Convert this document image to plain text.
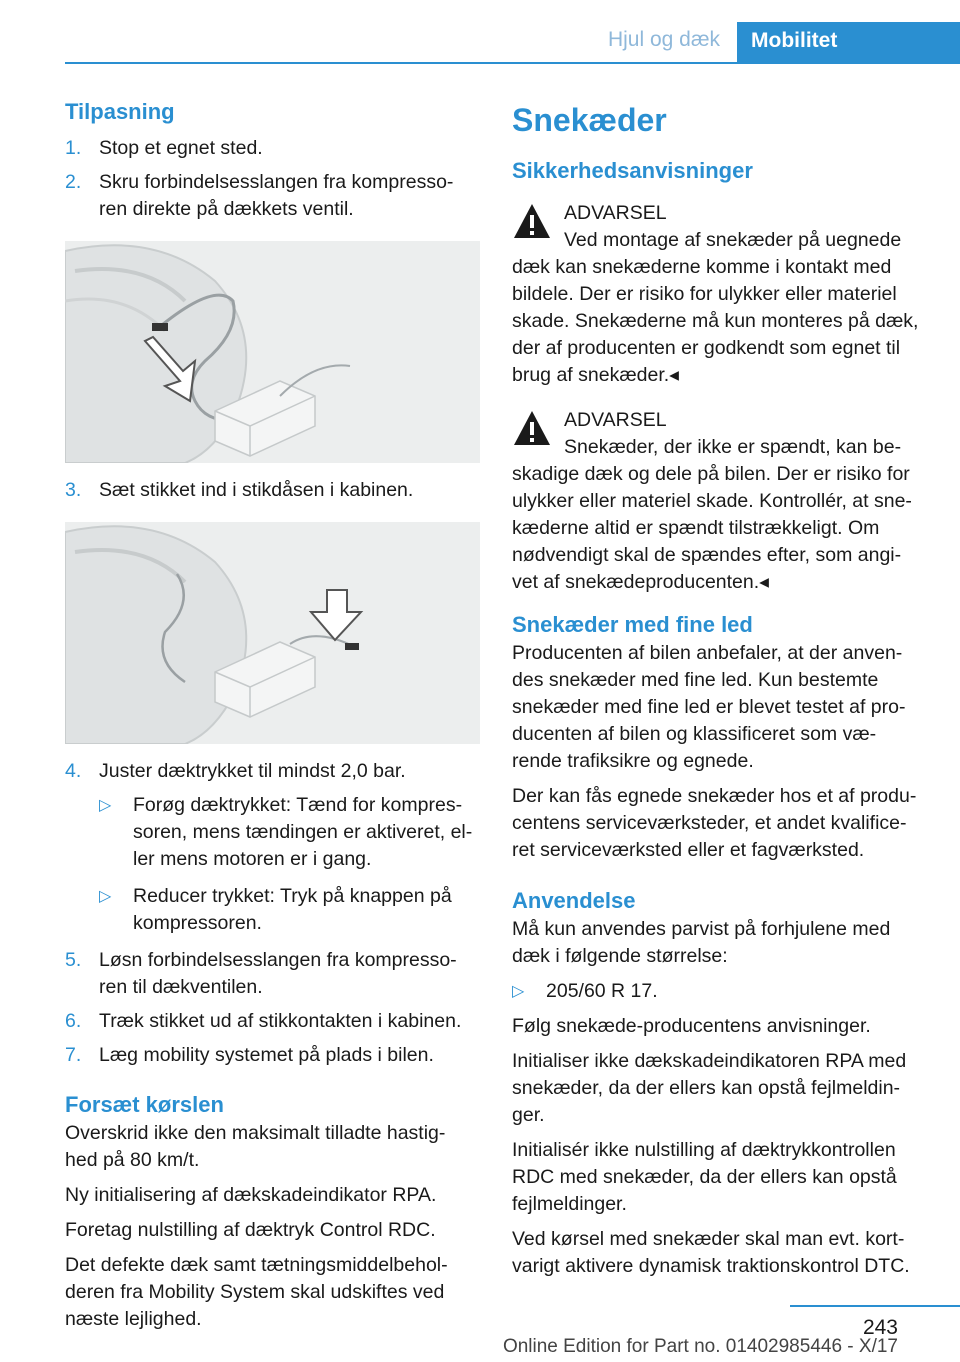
Hjul og dæk	Mobilitet
Tilpasning
1. Stop et egnet sted.
2. Skru forbindelsesslangen fra kompresso- ren direkte på dækkets ventil.
3. Sæt stikket ind i stikdåsen i kabinen.
4. Juster dæktrykket til mindst 2,0 bar.
▷	Forøg dæktrykket: Tænd for kompres- soren, mens tændingen er aktiveret, el- ler mens motoren er i gang.
▷	Reducer trykket: Tryk på knappen på kompressoren.
5. Løsn forbindelsesslangen fra kompresso- ren til dækventilen.
6. Træk stikket ud af stikkontakten i kabinen.
7. Læg mobility systemet på plads i bilen.
Forsæt kørslen

Overskrid ikke den maksimalt tilladte hastig- hed på 80 km/t.

Ny initialisering af dækskadeindikator RPA.

Foretag nulstilling af dæktryk Control RDC.

Det defekte dæk samt tætningsmiddelbehol- deren fra Mobility System skal udskiftes ved næste lejlighed.

Snekæder
Sikkerhedsanvisninger
ADVARSEL
Ved montage af snekæder på uegnede

dæk kan snekæderne komme i kontakt med bildele. Der er risiko for ulykker eller materiel skade. Snekæderne må kun monteres på dæk, der af producenten er godkendt som egnet til brug af snekæder.◂

ADVARSEL
Snekæder, der ikke er spændt, kan be-

skadige dæk og dele på bilen. Der er risiko for ulykker eller materiel skade. Kontrollér, at sne- kæderne altid er spændt tilstrækkeligt. Om nødvendigt skal de spændes efter, som angi- vet af snekædeproducenten.◂

Snekæder med fine led

Producenten af bilen anbefaler, at der anven- des snekæder med fine led. Kun bestemte snekæder med fine led er blevet testet af pro- ducenten af bilen og klassificeret som væ- rende trafiksikre og egnede.

Der kan fås egnede snekæder hos et af produ- centens serviceværksteder, et andet kvalifice- ret serviceværksted eller et fagværksted.

Anvendelse

Må kun anvendes parvist på forhjulene med dæk i følgende størrelse:

▷	205/60 R 17.

Følg snekæde-producentens anvisninger.

Initialiser ikke dækskadeindikatoren RPA med snekæder, da der ellers kan opstå fejlmeldin- ger.

Initialisér ikke nulstilling af dæktrykkontrollen RDC med snekæder, da der ellers kan opstå fejlmeldinger.

Ved kørsel med snekæder skal man evt. kort- varigt aktivere dynamisk traktionskontrol DTC.

243
Online Edition for Part no. 01402985446 - X/17
